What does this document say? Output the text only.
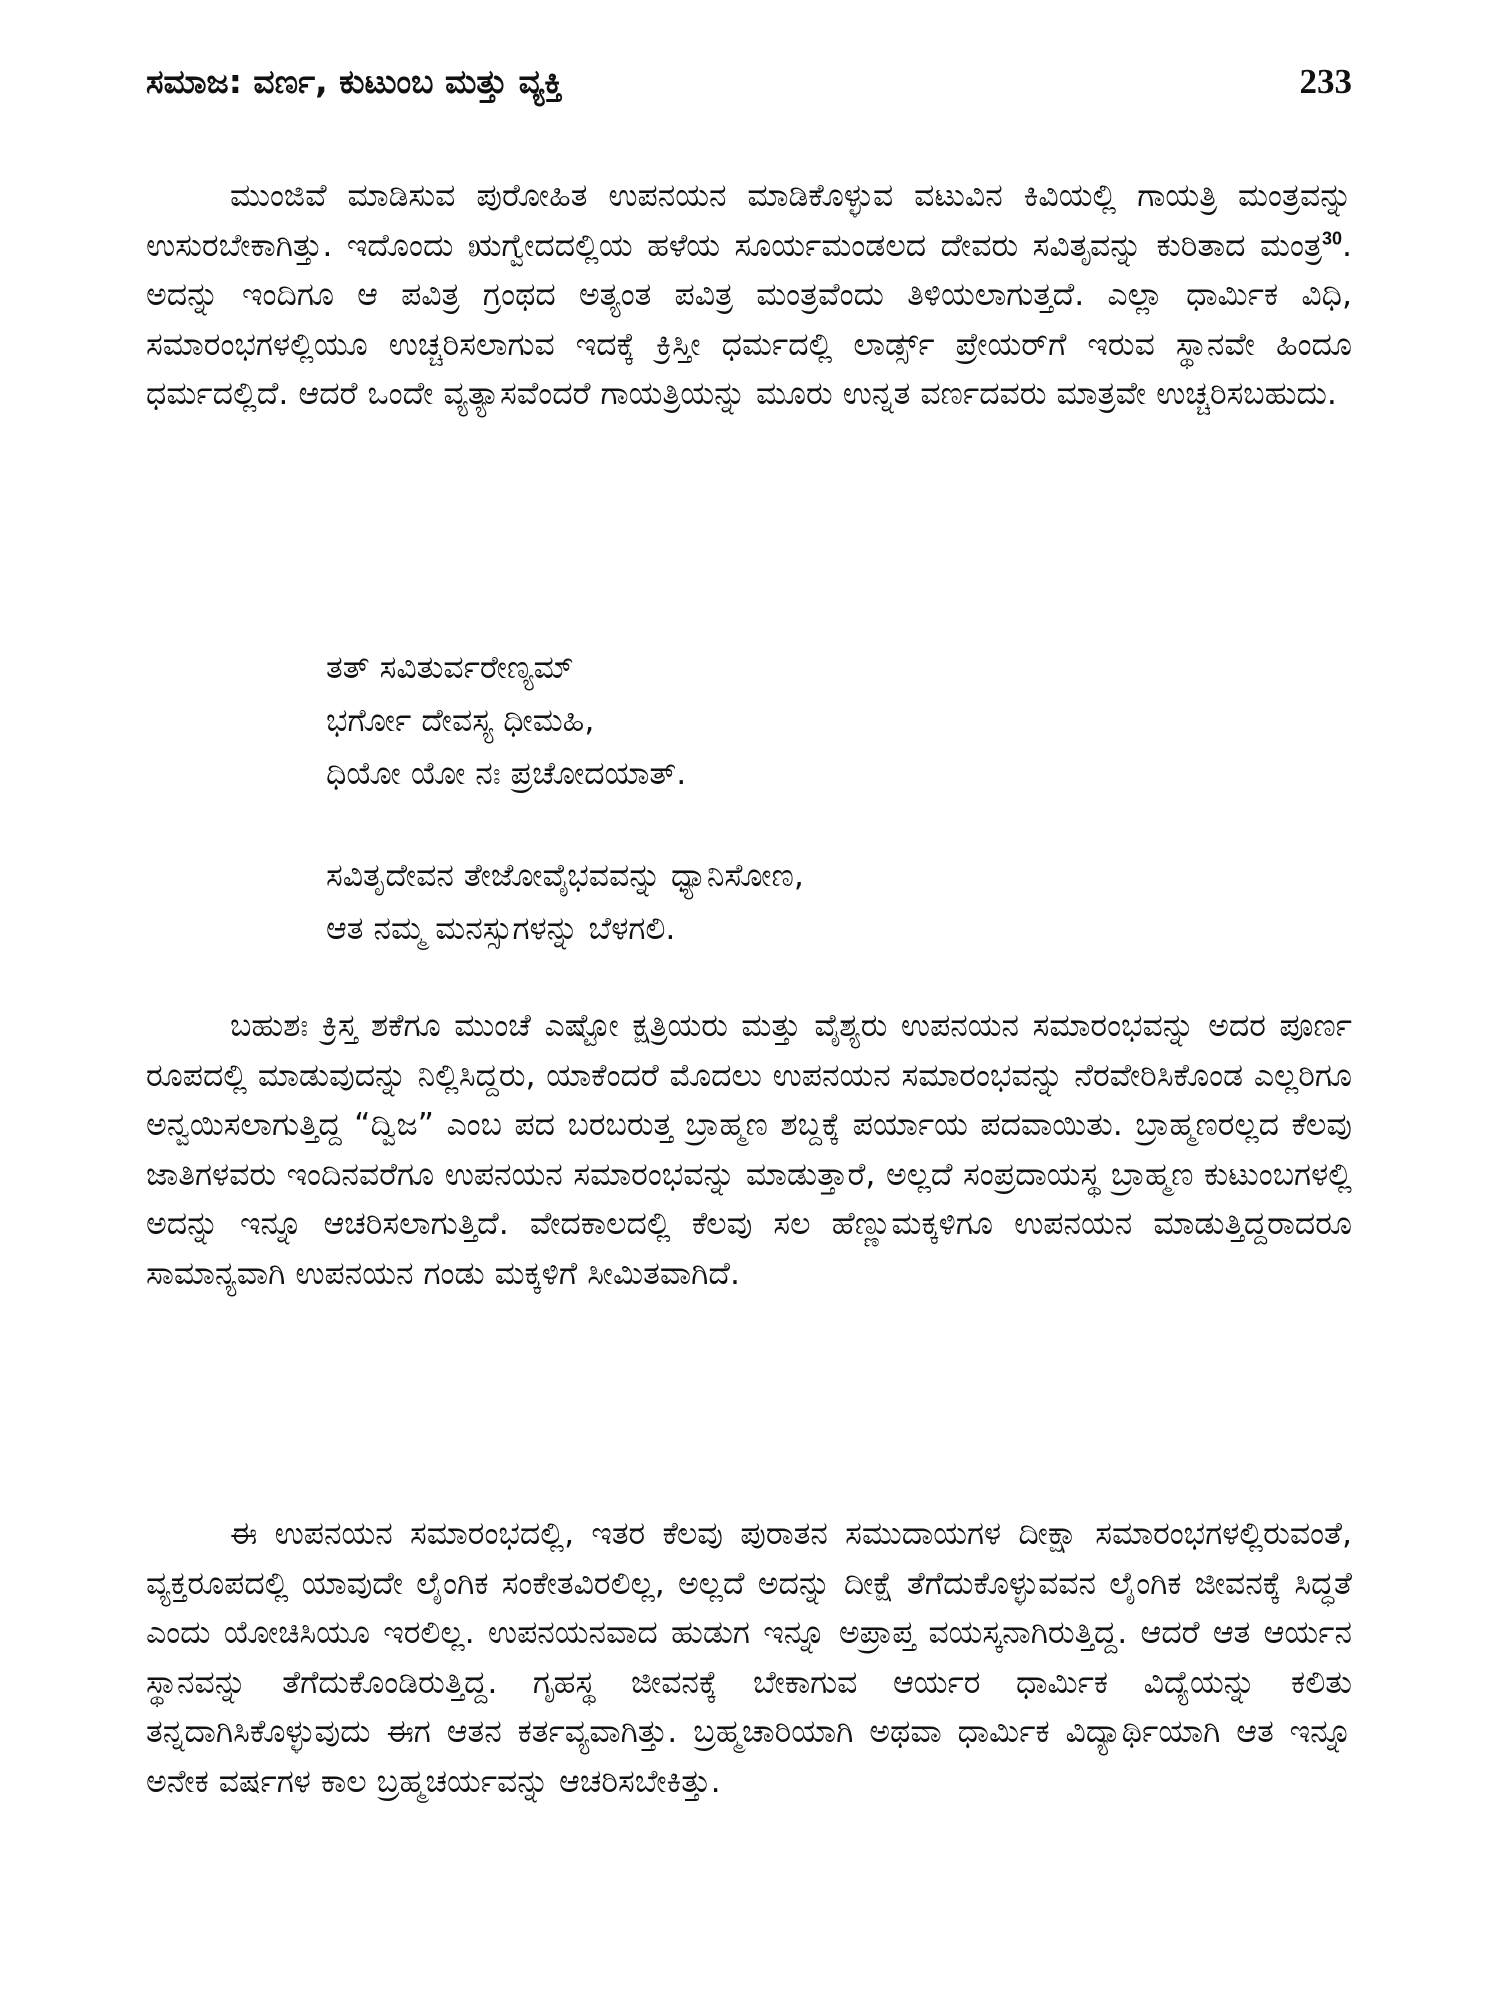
ಸಮಾಜ: ವರ್ಣ, ಕುಟುಂಬ ಮತ್ತು ವ್ಯಕ್ತಿ	233

ಮುಂಜಿವೆ ಮಾಡಿಸುವ ಪುರೋಹಿತ ಉಪನಯನ ಮಾಡಿಕೊಳ್ಳುವ ವಟುವಿನ ಕಿವಿಯಲ್ಲಿ ಗಾಯತ್ರಿ ಮಂತ್ರವನ್ನು ಉಸುರಬೇಕಾಗಿತ್ತು. ಇದೊಂದು ಋಗ್ವೇದದಲ್ಲಿಯ ಹಳೆಯ ಸೂರ್ಯಮಂಡಲದ ದೇವರು ಸವಿತೃವನ್ನು ಕುರಿತಾದ ಮಂತ್ರ$^{30}$. ಅದನ್ನು ಇಂದಿಗೂ ಆ ಪವಿತ್ರ ಗ್ರಂಥದ ಅತ್ಯಂತ ಪವಿತ್ರ ಮಂತ್ರವೆಂದು ತಿಳಿಯಲಾಗುತ್ತದೆ. ಎಲ್ಲಾ ಧಾರ್ಮಿಕ ವಿಧಿ, ಸಮಾರಂಭಗಳಲ್ಲಿಯೂ ಉಚ್ಚರಿಸಲಾಗುವ ಇದಕ್ಕೆ ಕ್ರಿಸ್ತೀ ಧರ್ಮದಲ್ಲಿ ಲಾರ್ಡ್ಸ್ ಪ್ರೇಯರ್‌ಗೆ ಇರುವ ಸ್ಥಾನವೇ ಹಿಂದೂ ಧರ್ಮದಲ್ಲಿದೆ. ಆದರೆ ಒಂದೇ ವ್ಯತ್ಯಾಸವೆಂದರೆ ಗಾಯತ್ರಿಯನ್ನು ಮೂರು ಉನ್ನತ ವರ್ಣದವರು ಮಾತ್ರವೇ ಉಚ್ಚರಿಸಬಹುದು.

ತತ್ ಸವಿತುರ್ವರೇಣ್ಯಮ್
ಭರ್ಗೋ ದೇವಸ್ಯ ಧೀಮಹಿ,
ಧಿಯೋ ಯೋ ನಃ ಪ್ರಚೋದಯಾತ್.
ಸವಿತೃದೇವನ ತೇಜೋವೈಭವವನ್ನು ಧ್ಯಾನಿಸೋಣ,
ಆತ ನಮ್ಮ ಮನಸ್ಸುಗಳನ್ನು ಬೆಳಗಲಿ.

ಬಹುಶಃ ಕ್ರಿಸ್ತ ಶಕೆಗೂ ಮುಂಚೆ ಎಷ್ಟೋ ಕ್ಷತ್ರಿಯರು ಮತ್ತು ವೈಶ್ಯರು ಉಪನಯನ ಸಮಾರಂಭವನ್ನು ಅದರ ಪೂರ್ಣ ರೂಪದಲ್ಲಿ ಮಾಡುವುದನ್ನು ನಿಲ್ಲಿಸಿದ್ದರು, ಯಾಕೆಂದರೆ ಮೊದಲು ಉಪನಯನ ಸಮಾರಂಭವನ್ನು ನೆರವೇರಿಸಿಕೊಂಡ ಎಲ್ಲರಿಗೂ ಅನ್ವಯಿಸಲಾಗುತ್ತಿದ್ದ “ದ್ವಿಜ” ಎಂಬ ಪದ ಬರಬರುತ್ತ ಬ್ರಾಹ್ಮಣ ಶಬ್ದಕ್ಕೆ ಪರ್ಯಾಯ ಪದವಾಯಿತು. ಬ್ರಾಹ್ಮಣರಲ್ಲದ ಕೆಲವು ಜಾತಿಗಳವರು ಇಂದಿನವರೆಗೂ ಉಪನಯನ ಸಮಾರಂಭವನ್ನು ಮಾಡುತ್ತಾರೆ, ಅಲ್ಲದೆ ಸಂಪ್ರದಾಯಸ್ಥ ಬ್ರಾಹ್ಮಣ ಕುಟುಂಬಗಳಲ್ಲಿ ಅದನ್ನು ಇನ್ನೂ ಆಚರಿಸಲಾಗುತ್ತಿದೆ. ವೇದಕಾಲದಲ್ಲಿ ಕೆಲವು ಸಲ ಹೆಣ್ಣುಮಕ್ಕಳಿಗೂ ಉಪನಯನ ಮಾಡುತ್ತಿದ್ದರಾದರೂ ಸಾಮಾನ್ಯವಾಗಿ ಉಪನಯನ ಗಂಡು ಮಕ್ಕಳಿಗೆ ಸೀಮಿತವಾಗಿದೆ.

ಈ ಉಪನಯನ ಸಮಾರಂಭದಲ್ಲಿ, ಇತರ ಕೆಲವು ಪುರಾತನ ಸಮುದಾಯಗಳ ದೀಕ್ಷಾ ಸಮಾರಂಭಗಳಲ್ಲಿರುವಂತೆ, ವ್ಯಕ್ತರೂಪದಲ್ಲಿ ಯಾವುದೇ ಲೈಂಗಿಕ ಸಂಕೇತವಿರಲಿಲ್ಲ, ಅಲ್ಲದೆ ಅದನ್ನು ದೀಕ್ಷೆ ತೆಗೆದುಕೊಳ್ಳುವವನ ಲೈಂಗಿಕ ಜೀವನಕ್ಕೆ ಸಿದ್ಧತೆ ಎಂದು ಯೋಚಿಸಿಯೂ ಇರಲಿಲ್ಲ. ಉಪನಯನವಾದ ಹುಡುಗ ಇನ್ನೂ ಅಪ್ರಾಪ್ತ ವಯಸ್ಕನಾಗಿರುತ್ತಿದ್ದ. ಆದರೆ ಆತ ಆರ್ಯನ ಸ್ಥಾನವನ್ನು ತೆಗೆದುಕೊಂಡಿರುತ್ತಿದ್ದ. ಗೃಹಸ್ಥ ಜೀವನಕ್ಕೆ ಬೇಕಾಗುವ ಆರ್ಯರ ಧಾರ್ಮಿಕ ವಿದ್ಯೆಯನ್ನು ಕಲಿತು ತನ್ನದಾಗಿಸಿಕೊಳ್ಳುವುದು ಈಗ ಆತನ ಕರ್ತವ್ಯವಾಗಿತ್ತು. ಬ್ರಹ್ಮಚಾರಿಯಾಗಿ ಅಥವಾ ಧಾರ್ಮಿಕ ವಿದ್ಯಾರ್ಥಿಯಾಗಿ ಆತ ಇನ್ನೂ ಅನೇಕ ವರ್ಷಗಳ ಕಾಲ ಬ್ರಹ್ಮಚರ್ಯವನ್ನು ಆಚರಿಸಬೇಕಿತ್ತು.
